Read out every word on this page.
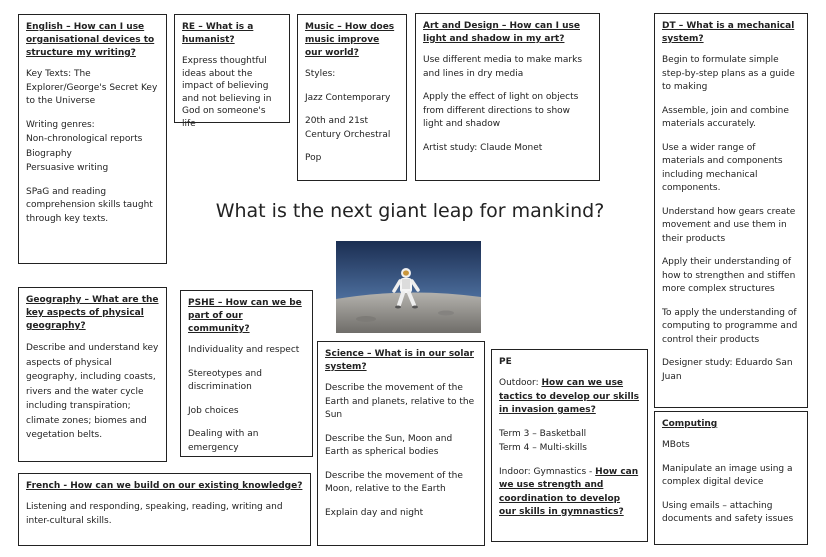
English – How can I use organisational devices to structure my writing?

Key Texts: The Explorer/George's Secret Key to the Universe

Writing genres:

Non-chronological reports

Biography

Persuasive writing

SPaG and reading comprehension skills taught through key texts.

RE – What is a humanist?

Express thoughtful ideas about the impact of believing and not believing in God on someone's life

Music – How does music improve our world?

Styles:

Jazz Contemporary

20th and 21st Century Orchestral

Pop

Art and Design – How can I use light and shadow in my art?

Use different media to make marks and lines in dry media

Apply the effect of light on objects from different directions to show light and shadow

Artist study: Claude Monet

DT – What is a mechanical system?

Begin to formulate simple step-by-step plans as a guide to making

Assemble, join and combine materials accurately.

Use a wider range of materials and components including mechanical components.

Understand how gears create movement and use them in their products

Apply their understanding of how to strengthen and stiffen more complex structures

To apply the understanding of computing to programme and control their products

Designer study: Eduardo San Juan

What is the next giant leap for mankind?
Geography – What are the key aspects of physical geography?

Describe and understand key aspects of physical geography, including coasts, rivers and the water cycle including transpiration; climate zones; biomes and vegetation belts.

PSHE – How can we be part of our community?

Individuality and respect

Stereotypes and discrimination

Job choices

Dealing with an emergency

Science – What is in our solar system?

Describe the movement of the Earth and planets, relative to the Sun

Describe the Sun, Moon and Earth as spherical bodies

Describe the movement of the Moon, relative to the Earth

Explain day and night

PE

Outdoor: How can we use tactics to develop our skills in invasion games?

Term 3 – Basketball

Term 4 – Multi-skills

Indoor: Gymnastics - How can we use strength and coordination to develop our skills in gymnastics?

Computing

MBots

Manipulate an image using a complex digital device

Using emails – attaching documents and safety issues

French - How can we build on our existing knowledge?

Listening and responding, speaking, reading, writing and inter-cultural skills.
